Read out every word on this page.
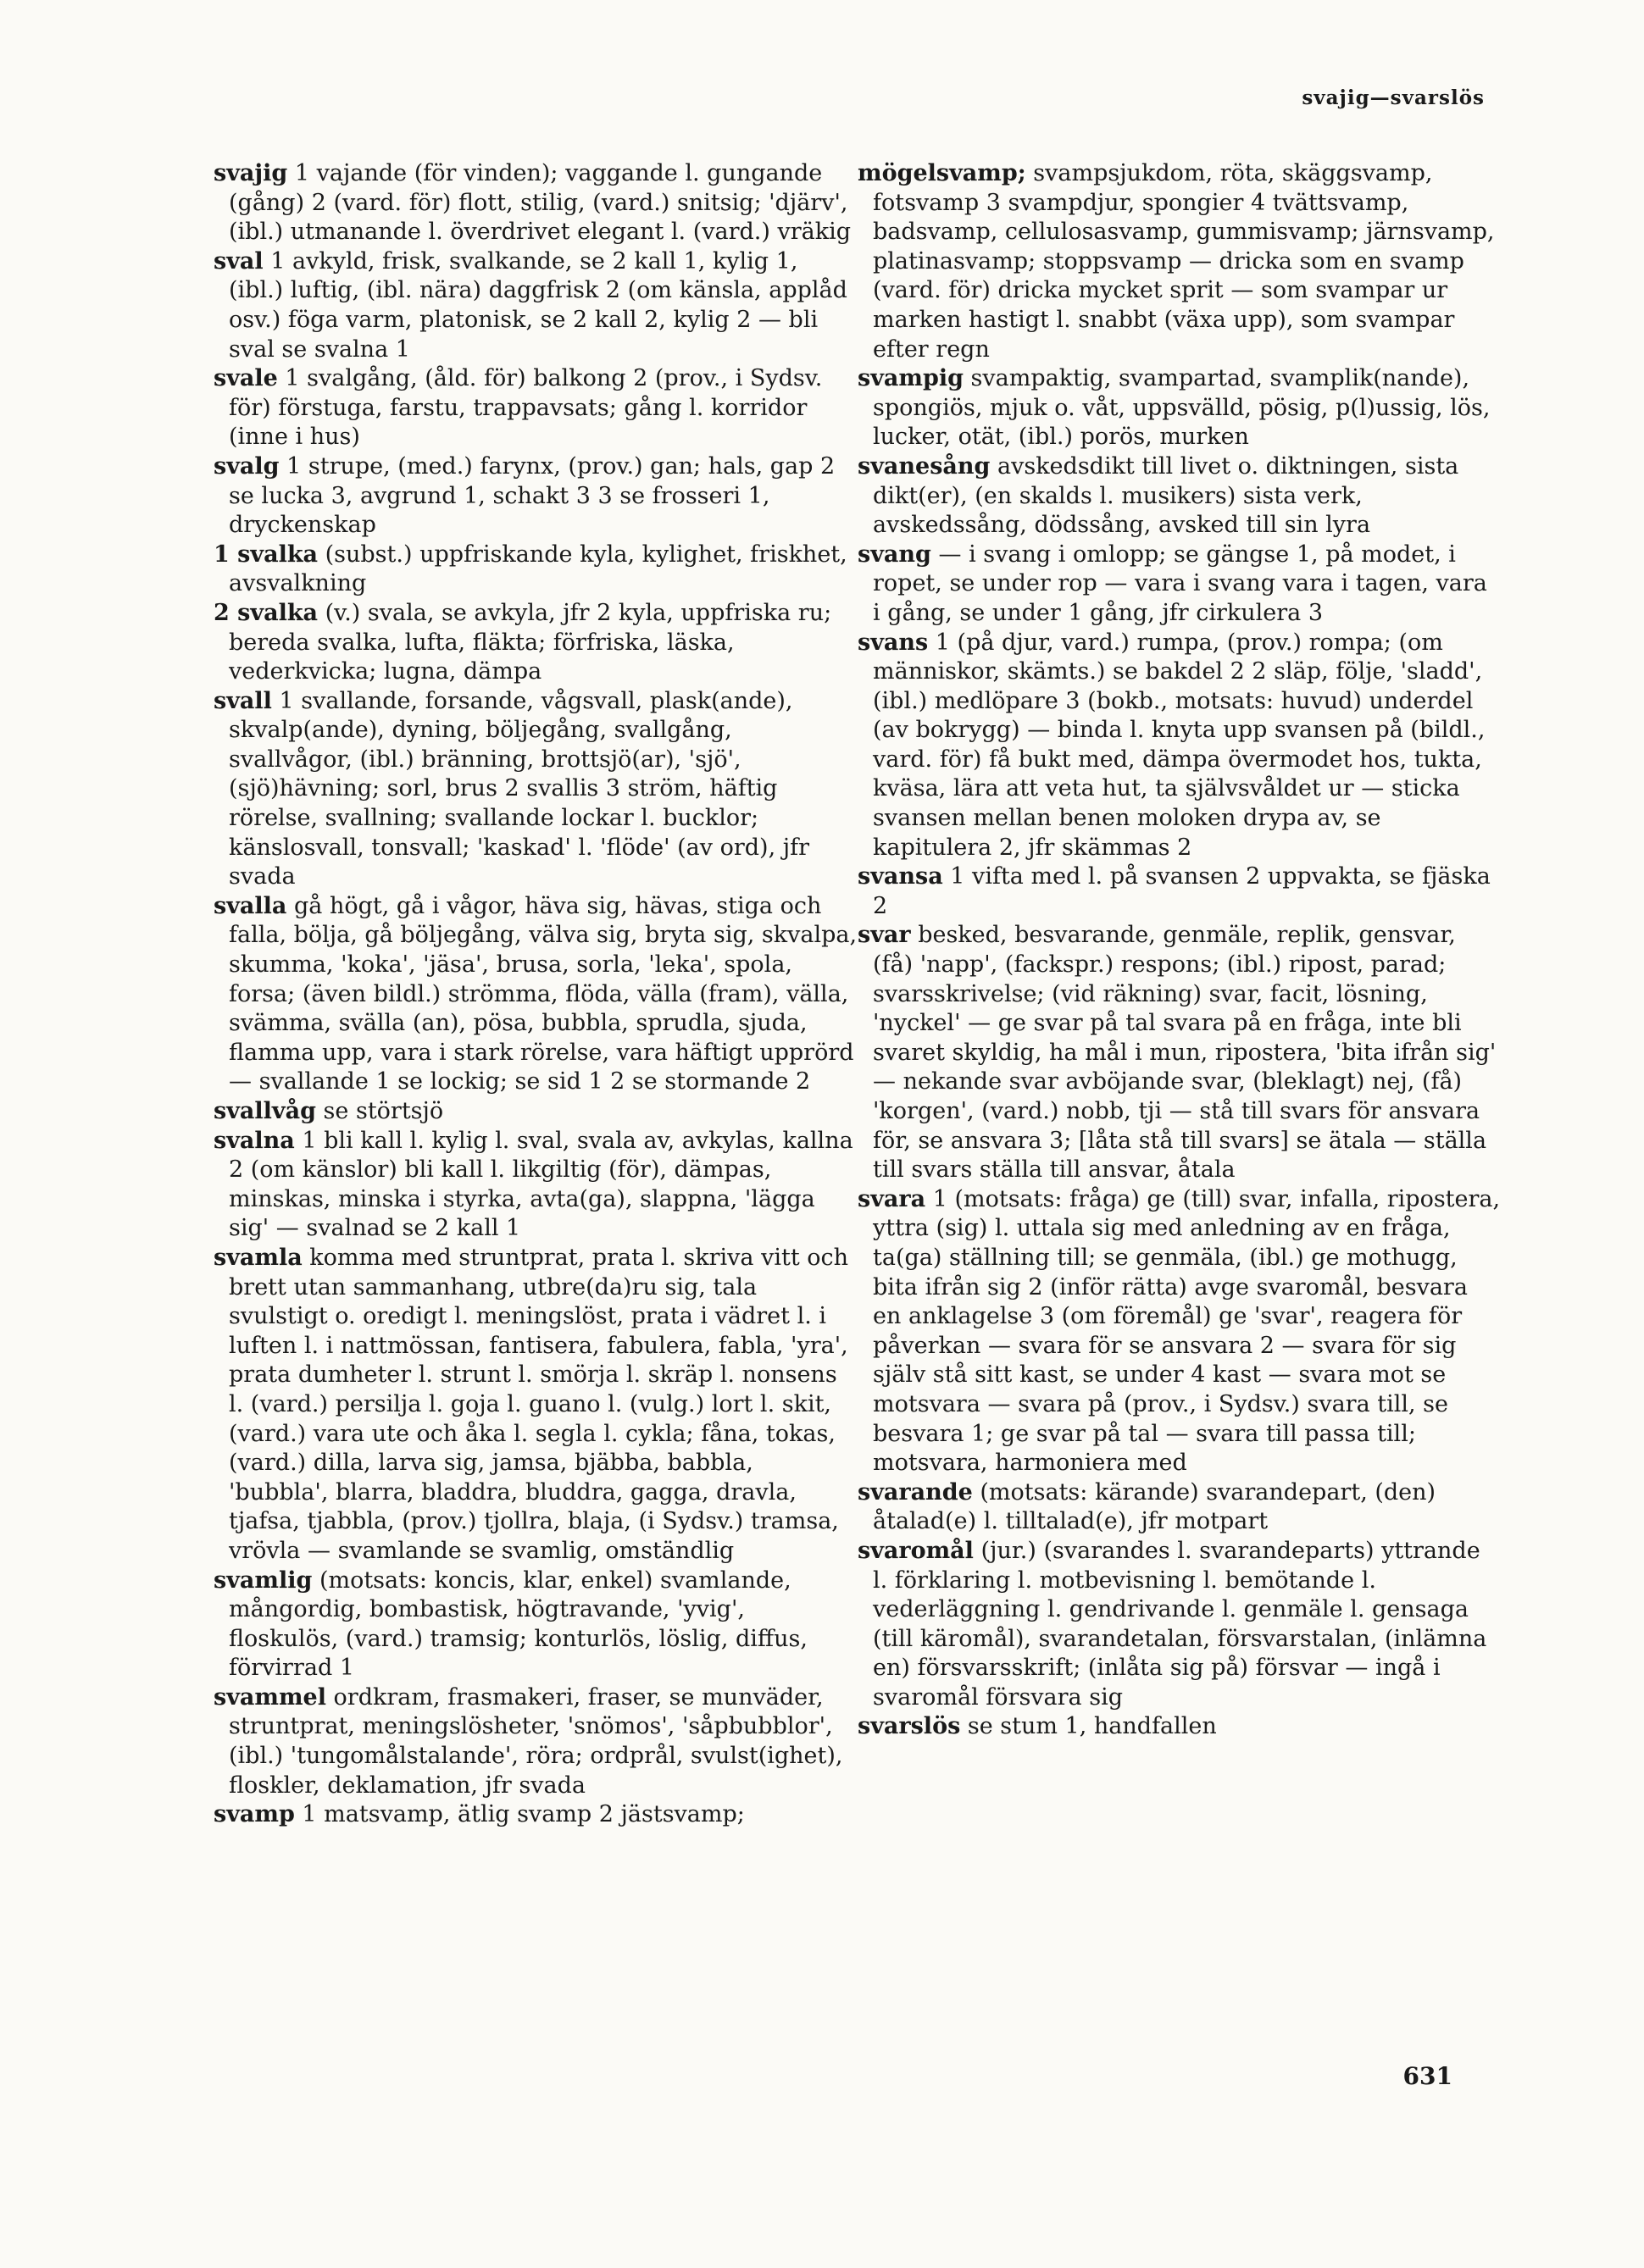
svajig—svarslös

svajig 1 vajande (för vinden); vaggande l. gungande (gång) 2 (vard. för) flott, stilig, (vard.) snitsig; 'djärv', (ibl.) utmanande l. överdrivet elegant l. (vard.) vräkig

sval 1 avkyld, frisk, svalkande, se 2 kall 1, kylig 1, (ibl.) luftig, (ibl. nära) daggfrisk 2 (om känsla, applåd osv.) föga varm, platonisk, se 2 kall 2, kylig 2 — bli sval se svalna 1

svale 1 svalgång, (åld. för) balkong 2 (prov., i Sydsv. för) förstuga, farstu, trappavsats; gång l. korridor (inne i hus)

svalg 1 strupe, (med.) farynx, (prov.) gan; hals, gap 2 se lucka 3, avgrund 1, schakt 3 3 se frosseri 1, dryckenskap

1 svalka (subst.) uppfriskande kyla, kylighet, friskhet, avsvalkning

2 svalka (v.) svala, se avkyla, jfr 2 kyla, uppfriska ru; bereda svalka, lufta, fläkta; förfriska, läska, vederkvicka; lugna, dämpa

svall 1 svallande, forsande, vågsvall, plask(ande), skvalp(ande), dyning, böljegång, svallgång, svallvågor, (ibl.) bränning, brottsjö(ar), 'sjö', (sjö)hävning; sorl, brus 2 svallis 3 ström, häftig rörelse, svallning; svallande lockar l. bucklor; känslosvall, tonsvall; 'kaskad' l. 'flöde' (av ord), jfr svada

svalla gå högt, gå i vågor, häva sig, hävas, stiga och falla, bölja, gå böljegång, välva sig, bryta sig, skvalpa, skumma, 'koka', 'jäsa', brusa, sorla, 'leka', spola, forsa; (även bildl.) strömma, flöda, välla (fram), välla, svämma, svälla (an), pösa, bubbla, sprudla, sjuda, flamma upp, vara i stark rörelse, vara häftigt upprörd — svallande 1 se lockig; se sid 1 2 se stormande 2

svallvåg se störtsjö

svalna 1 bli kall l. kylig l. sval, svala av, avkylas, kallna 2 (om känslor) bli kall l. likgiltig (för), dämpas, minskas, minska i styrka, avta(ga), slappna, 'lägga sig' — svalnad se 2 kall 1

svamla komma med struntprat, prata l. skriva vitt och brett utan sammanhang, utbre(da)ru sig, tala svulstigt o. oredigt l. meningslöst, prata i vädret l. i luften l. i nattmössan, fantisera, fabulera, fabla, 'yra', prata dumheter l. strunt l. smörja l. skräp l. nonsens l. (vard.) persilja l. goja l. guano l. (vulg.) lort l. skit, (vard.) vara ute och åka l. segla l. cykla; fåna, tokas, (vard.) dilla, larva sig, jamsa, bjäbba, babbla, 'bubbla', blarra, bladdra, bluddra, gagga, dravla, tjafsa, tjabbla, (prov.) tjollra, blaja, (i Sydsv.) tramsa, vrövla — svamlande se svamlig, omständlig

svamlig (motsats: koncis, klar, enkel) svamlande, mångordig, bombastisk, högtravande, 'yvig', floskulös, (vard.) tramsig; konturlös, löslig, diffus, förvirrad 1

svammel ordkram, frasmakeri, fraser, se munväder, struntprat, meningslösheter, 'snömos', 'såpbubblor', (ibl.) 'tungomålstalande', röra; ordprål, svulst(ighet), floskler, deklamation, jfr svada

svamp 1 matsvamp, ätlig svamp 2 jästsvamp;

mögelsvamp; svampsjukdom, röta, skäggsvamp, fotsvamp 3 svampdjur, spongier 4 tvättsvamp, badsvamp, cellulosasvamp, gummisvamp; järnsvamp, platinasvamp; stoppsvamp — dricka som en svamp (vard. för) dricka mycket sprit — som svampar ur marken hastigt l. snabbt (växa upp), som svampar efter regn

svampig svampaktig, svampartad, svamplik(nande), spongiös, mjuk o. våt, uppsvälld, pösig, p(l)ussig, lös, lucker, otät, (ibl.) porös, murken

svanesång avskedsdikt till livet o. diktningen, sista dikt(er), (en skalds l. musikers) sista verk, avskedssång, dödssång, avsked till sin lyra

svang — i svang i omlopp; se gängse 1, på modet, i ropet, se under rop — vara i svang vara i tagen, vara i gång, se under 1 gång, jfr cirkulera 3

svans 1 (på djur, vard.) rumpa, (prov.) rompa; (om människor, skämts.) se bakdel 2 2 släp, följe, 'sladd', (ibl.) medlöpare 3 (bokb., motsats: huvud) underdel (av bokrygg) — binda l. knyta upp svansen på (bildl., vard. för) få bukt med, dämpa övermodet hos, tukta, kväsa, lära att veta hut, ta självsvåldet ur — sticka svansen mellan benen moloken drypa av, se kapitulera 2, jfr skämmas 2

svansa 1 vifta med l. på svansen 2 uppvakta, se fjäska 2

svar besked, besvarande, genmäle, replik, gensvar, (få) 'napp', (fackspr.) respons; (ibl.) ripost, parad; svarsskrivelse; (vid räkning) svar, facit, lösning, 'nyckel' — ge svar på tal svara på en fråga, inte bli svaret skyldig, ha mål i mun, ripostera, 'bita ifrån sig' — nekande svar avböjande svar, (bleklagt) nej, (få) 'korgen', (vard.) nobb, tji — stå till svars för ansvara för, se ansvara 3; [låta stå till svars] se ätala — ställa till svars ställa till ansvar, åtala

svara 1 (motsats: fråga) ge (till) svar, infalla, ripostera, yttra (sig) l. uttala sig med anledning av en fråga, ta(ga) ställning till; se genmäla, (ibl.) ge mothugg, bita ifrån sig 2 (inför rätta) avge svaromål, besvara en anklagelse 3 (om föremål) ge 'svar', reagera för påverkan — svara för se ansvara 2 — svara för sig själv stå sitt kast, se under 4 kast — svara mot se motsvara — svara på (prov., i Sydsv.) svara till, se besvara 1; ge svar på tal — svara till passa till; motsvara, harmoniera med

svarande (motsats: kärande) svarandepart, (den) åtalad(e) l. tilltalad(e), jfr motpart

svaromål (jur.) (svarandes l. svarandeparts) yttrande l. förklaring l. motbevisning l. bemötande l. vederläggning l. gendrivande l. genmäle l. gensaga (till käromål), svarandetalan, försvarstalan, (inlämna en) försvarsskrift; (inlåta sig på) försvar — ingå i svaromål försvara sig

svarslös se stum 1, handfallen

631
